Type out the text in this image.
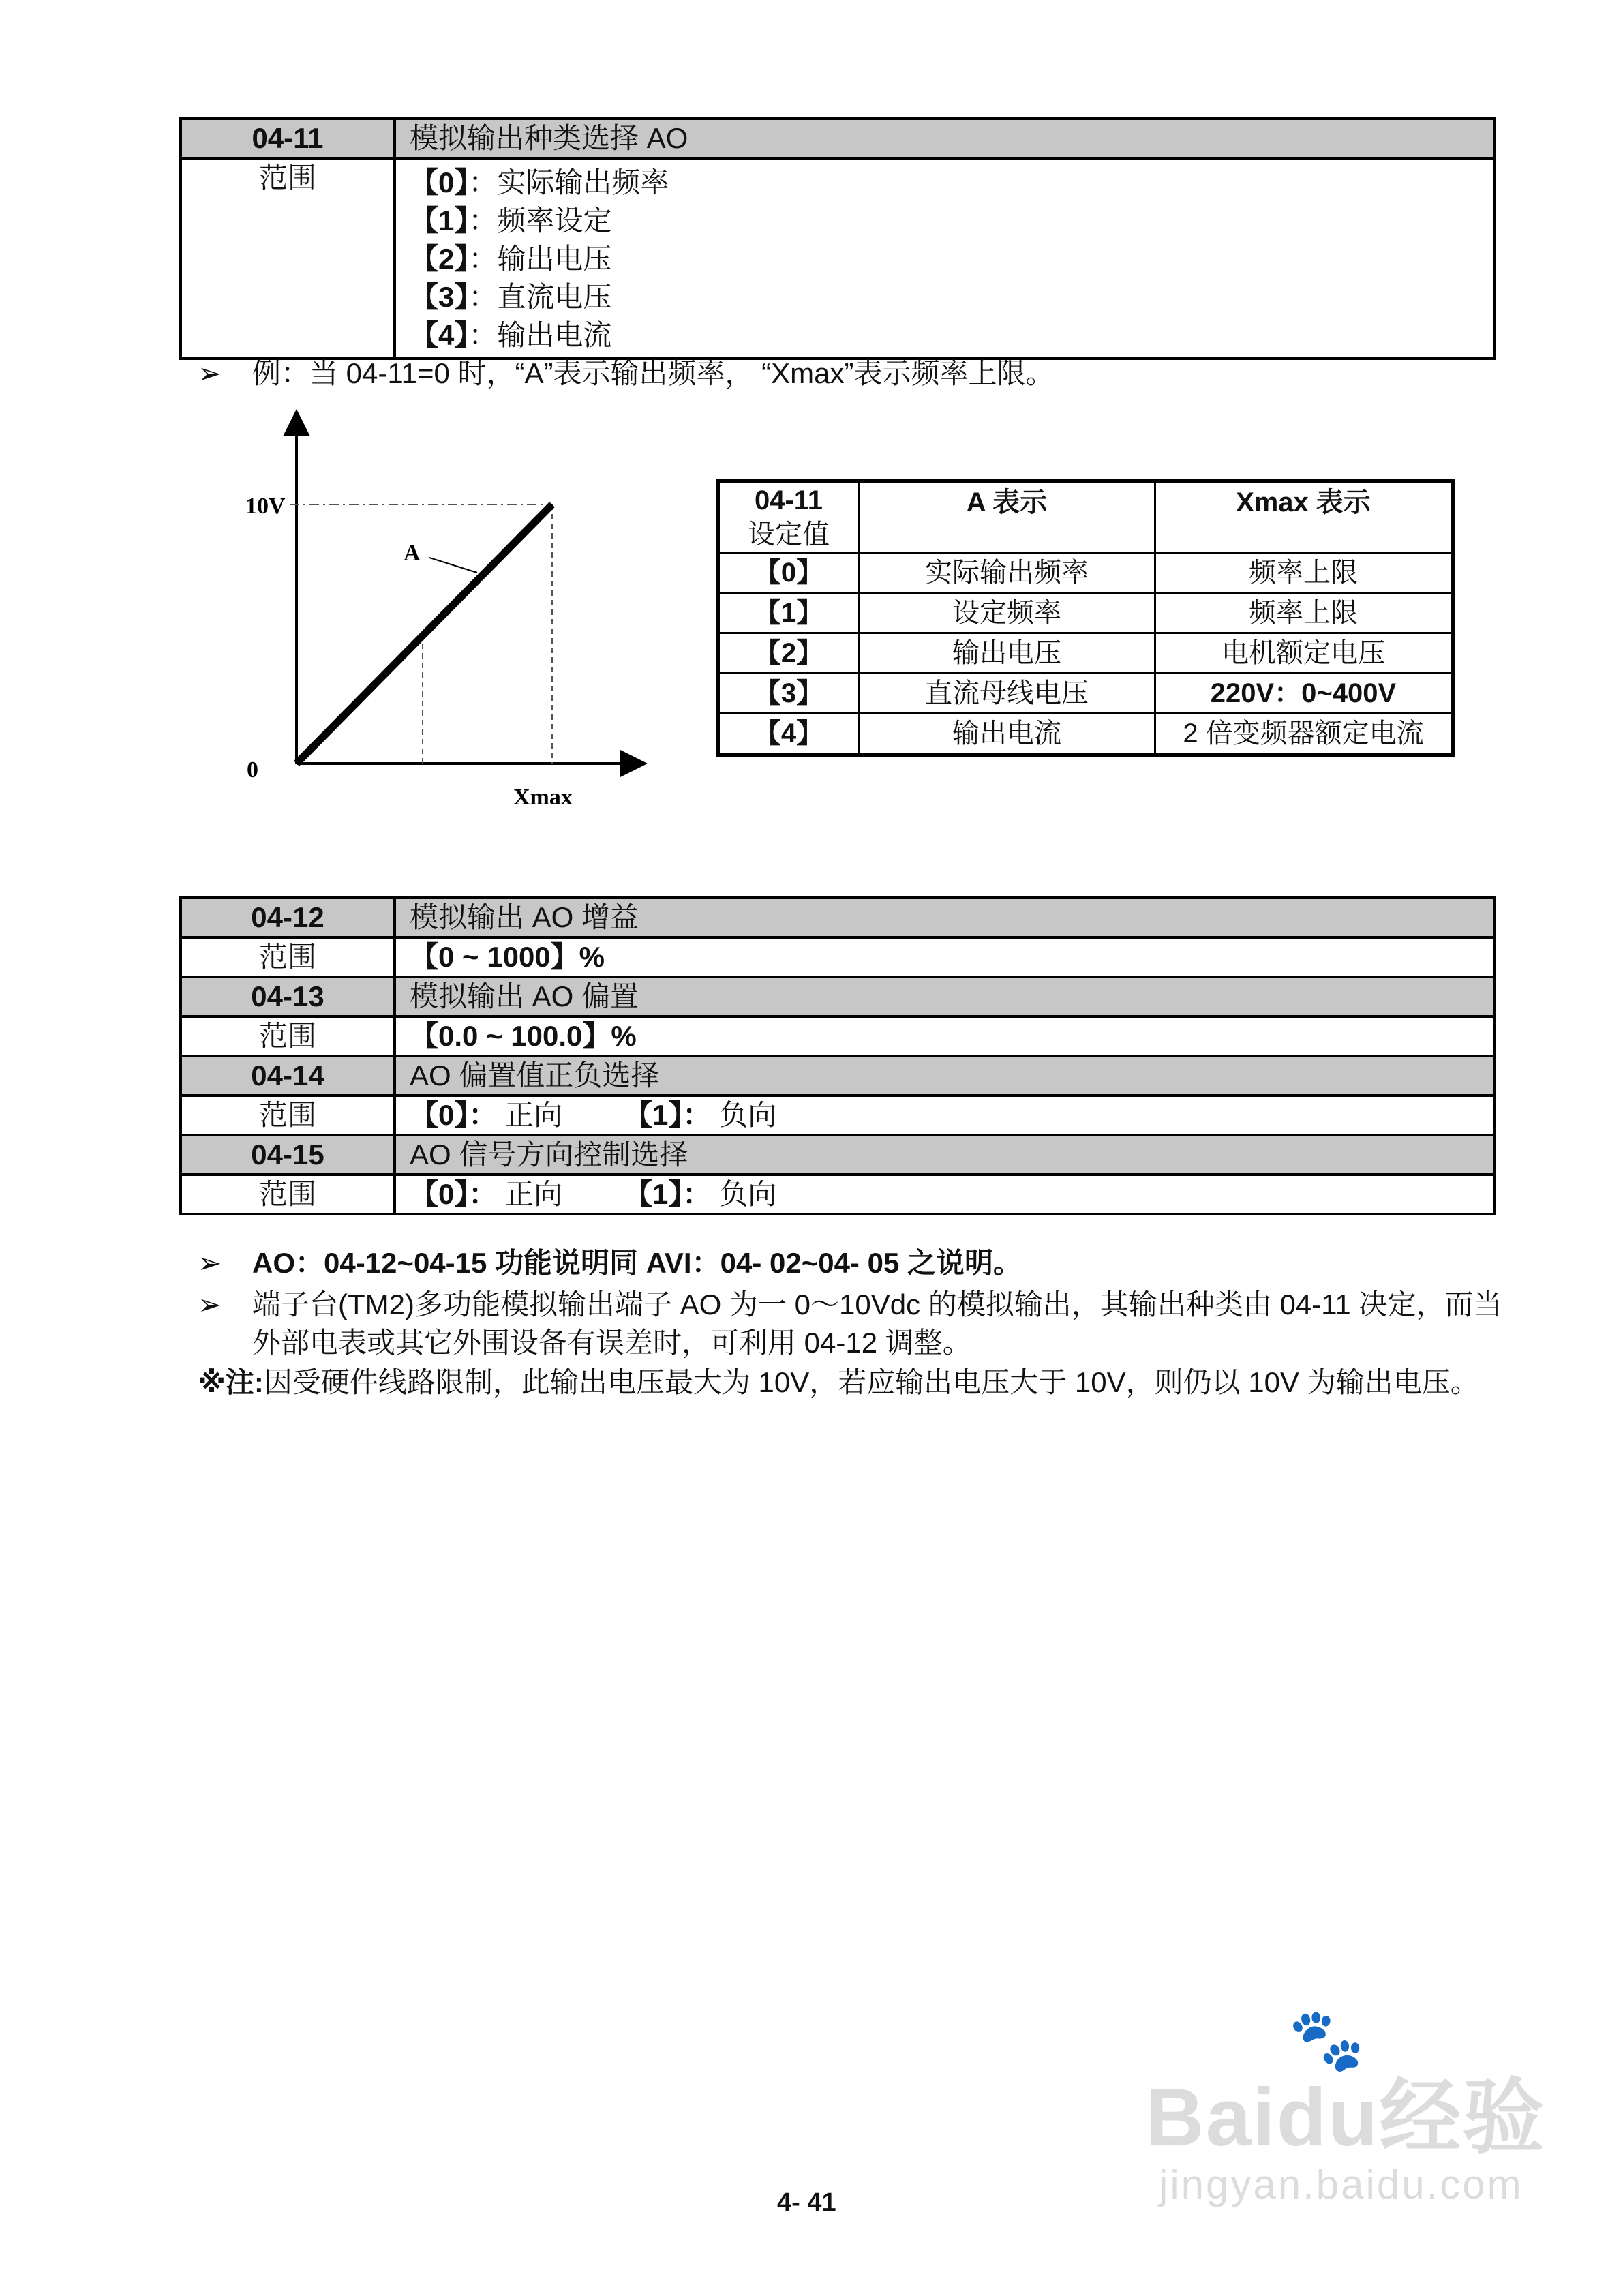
04-11	模拟输出种类选择 AO
范围	【0】：实际输出频率
【1】：频率设定
【2】：输出电压
【3】：直流电压
【4】：输出电流
➢ 例：当 04-11=0 时，“A”表示输出频率， “Xmax”表示频率上限。
A
10V
0
Xmax
04-11
设定值	A 表示	Xmax 表示
【0】	实际输出频率	频率上限
【1】	设定频率	频率上限
【2】	输出电压	电机额定电压
【3】	直流母线电压	220V：0~400V
【4】	输出电流	2 倍变频器额定电流
04-12	模拟输出 AO 增益
范围	【0 ~ 1000】%
04-13	模拟输出 AO 偏置
范围	【0.0 ~ 100.0】%
04-14	AO 偏置值正负选择
范围	【0】： 正向 【1】： 负向
04-15	AO 信号方向控制选择
范围	【0】： 正向 【1】： 负向
➢ AO：04-12~04-15 功能说明同 AVI：04- 02~04- 05 之说明。
➢ 端子台(TM2)多功能模拟输出端子 AO 为一 0～10Vdc 的模拟输出，其输出种类由 04-11 决定，而当
外部电表或其它外围设备有误差时，可利用 04-12 调整。
※注:因受硬件线路限制，此输出电压最大为 10V，若应输出电压大于 10V，则仍以 10V 为输出电压。
Baidu经验
🐾
jingyan.baidu.com
4- 41
